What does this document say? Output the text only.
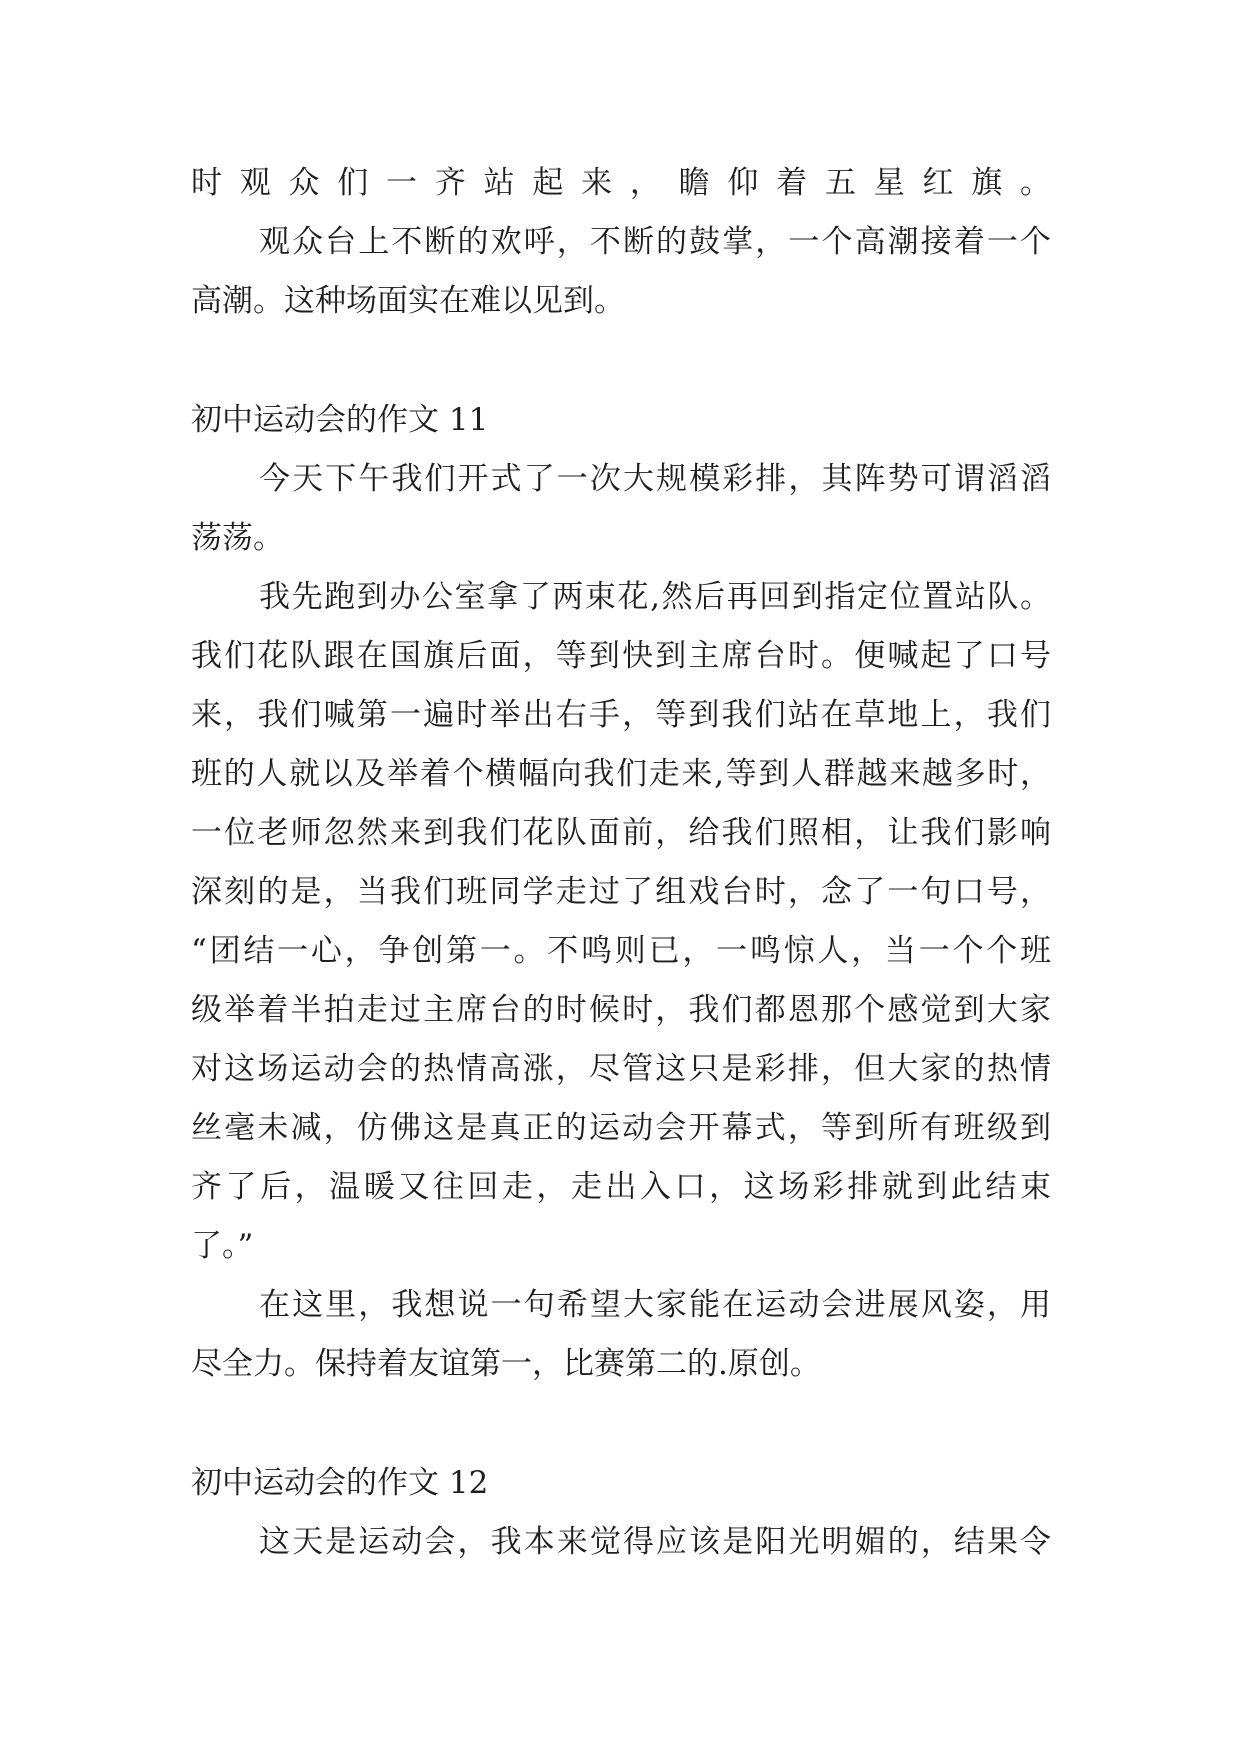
时观众们一齐站起来，瞻仰着五星红旗。

观众台上不断的欢呼，不断的鼓掌，一个高潮接着一个

高潮。这种场面实在难以见到。

初中运动会的作文 11

今天下午我们开式了一次大规模彩排，其阵势可谓滔滔

荡荡。

我先跑到办公室拿了两束花,然后再回到指定位置站队。

我们花队跟在国旗后面，等到快到主席台时。便喊起了口号

来，我们喊第一遍时举出右手，等到我们站在草地上，我们

班的人就以及举着个横幅向我们走来,等到人群越来越多时，

一位老师忽然来到我们花队面前，给我们照相，让我们影响

深刻的是，当我们班同学走过了组戏台时，念了一句口号，

“团结一心，争创第一。不鸣则已，一鸣惊人，当一个个班

级举着半拍走过主席台的时候时，我们都恩那个感觉到大家

对这场运动会的热情高涨，尽管这只是彩排，但大家的热情

丝毫未减，仿佛这是真正的运动会开幕式，等到所有班级到

齐了后，温暖又往回走，走出入口，这场彩排就到此结束

了。”

在这里，我想说一句希望大家能在运动会进展风姿，用

尽全力。保持着友谊第一，比赛第二的.原创。

初中运动会的作文 12

这天是运动会，我本来觉得应该是阳光明媚的，结果令
